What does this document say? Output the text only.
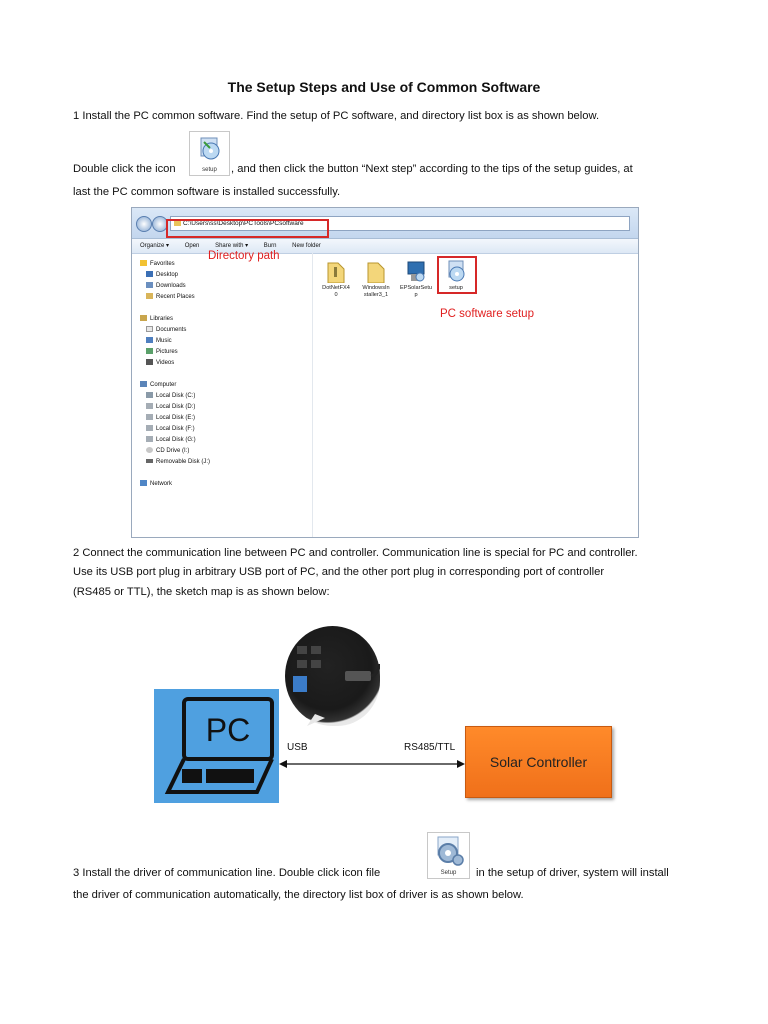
The Setup Steps and Use of Common Software
1 Install the PC common software. Find the setup of PC software, and directory list box is as shown below.
Double click the icon	setup	, and then click the button “Next step” according to the tips of the setup guides, at
last the PC common software is installed successfully.
C:\Users\ss\Desktop\PCTools\PCsoftware
Organize ▾	Open	Share with ▾	Burn	New folder
Favorites
Desktop
Downloads
Recent Places
Libraries
Documents
Music
Pictures
Videos
Computer
Local Disk (C:)
Local Disk (D:)
Local Disk (E:)
Local Disk (F:)
Local Disk (G:)
CD Drive (I:)
Removable Disk (J:)
Network
DotNetFX4
0
WindowsIn
staller3_1
EPSolarSetu
p
setup
Directory path
PC software setup
2 Connect the communication line between PC and controller. Communication line is special for PC and controller.
Use its USB port plug in arbitrary USB port of PC, and the other port plug in corresponding port of controller
(RS485 or TTL), the sketch map is as shown below:
PC	USB	RS485/TTL
Solar Controller
3 Install the driver of communication line. Double click icon file	Setup	in the setup of driver, system will install
the driver of communication automatically, the directory list box of driver is as shown below.
